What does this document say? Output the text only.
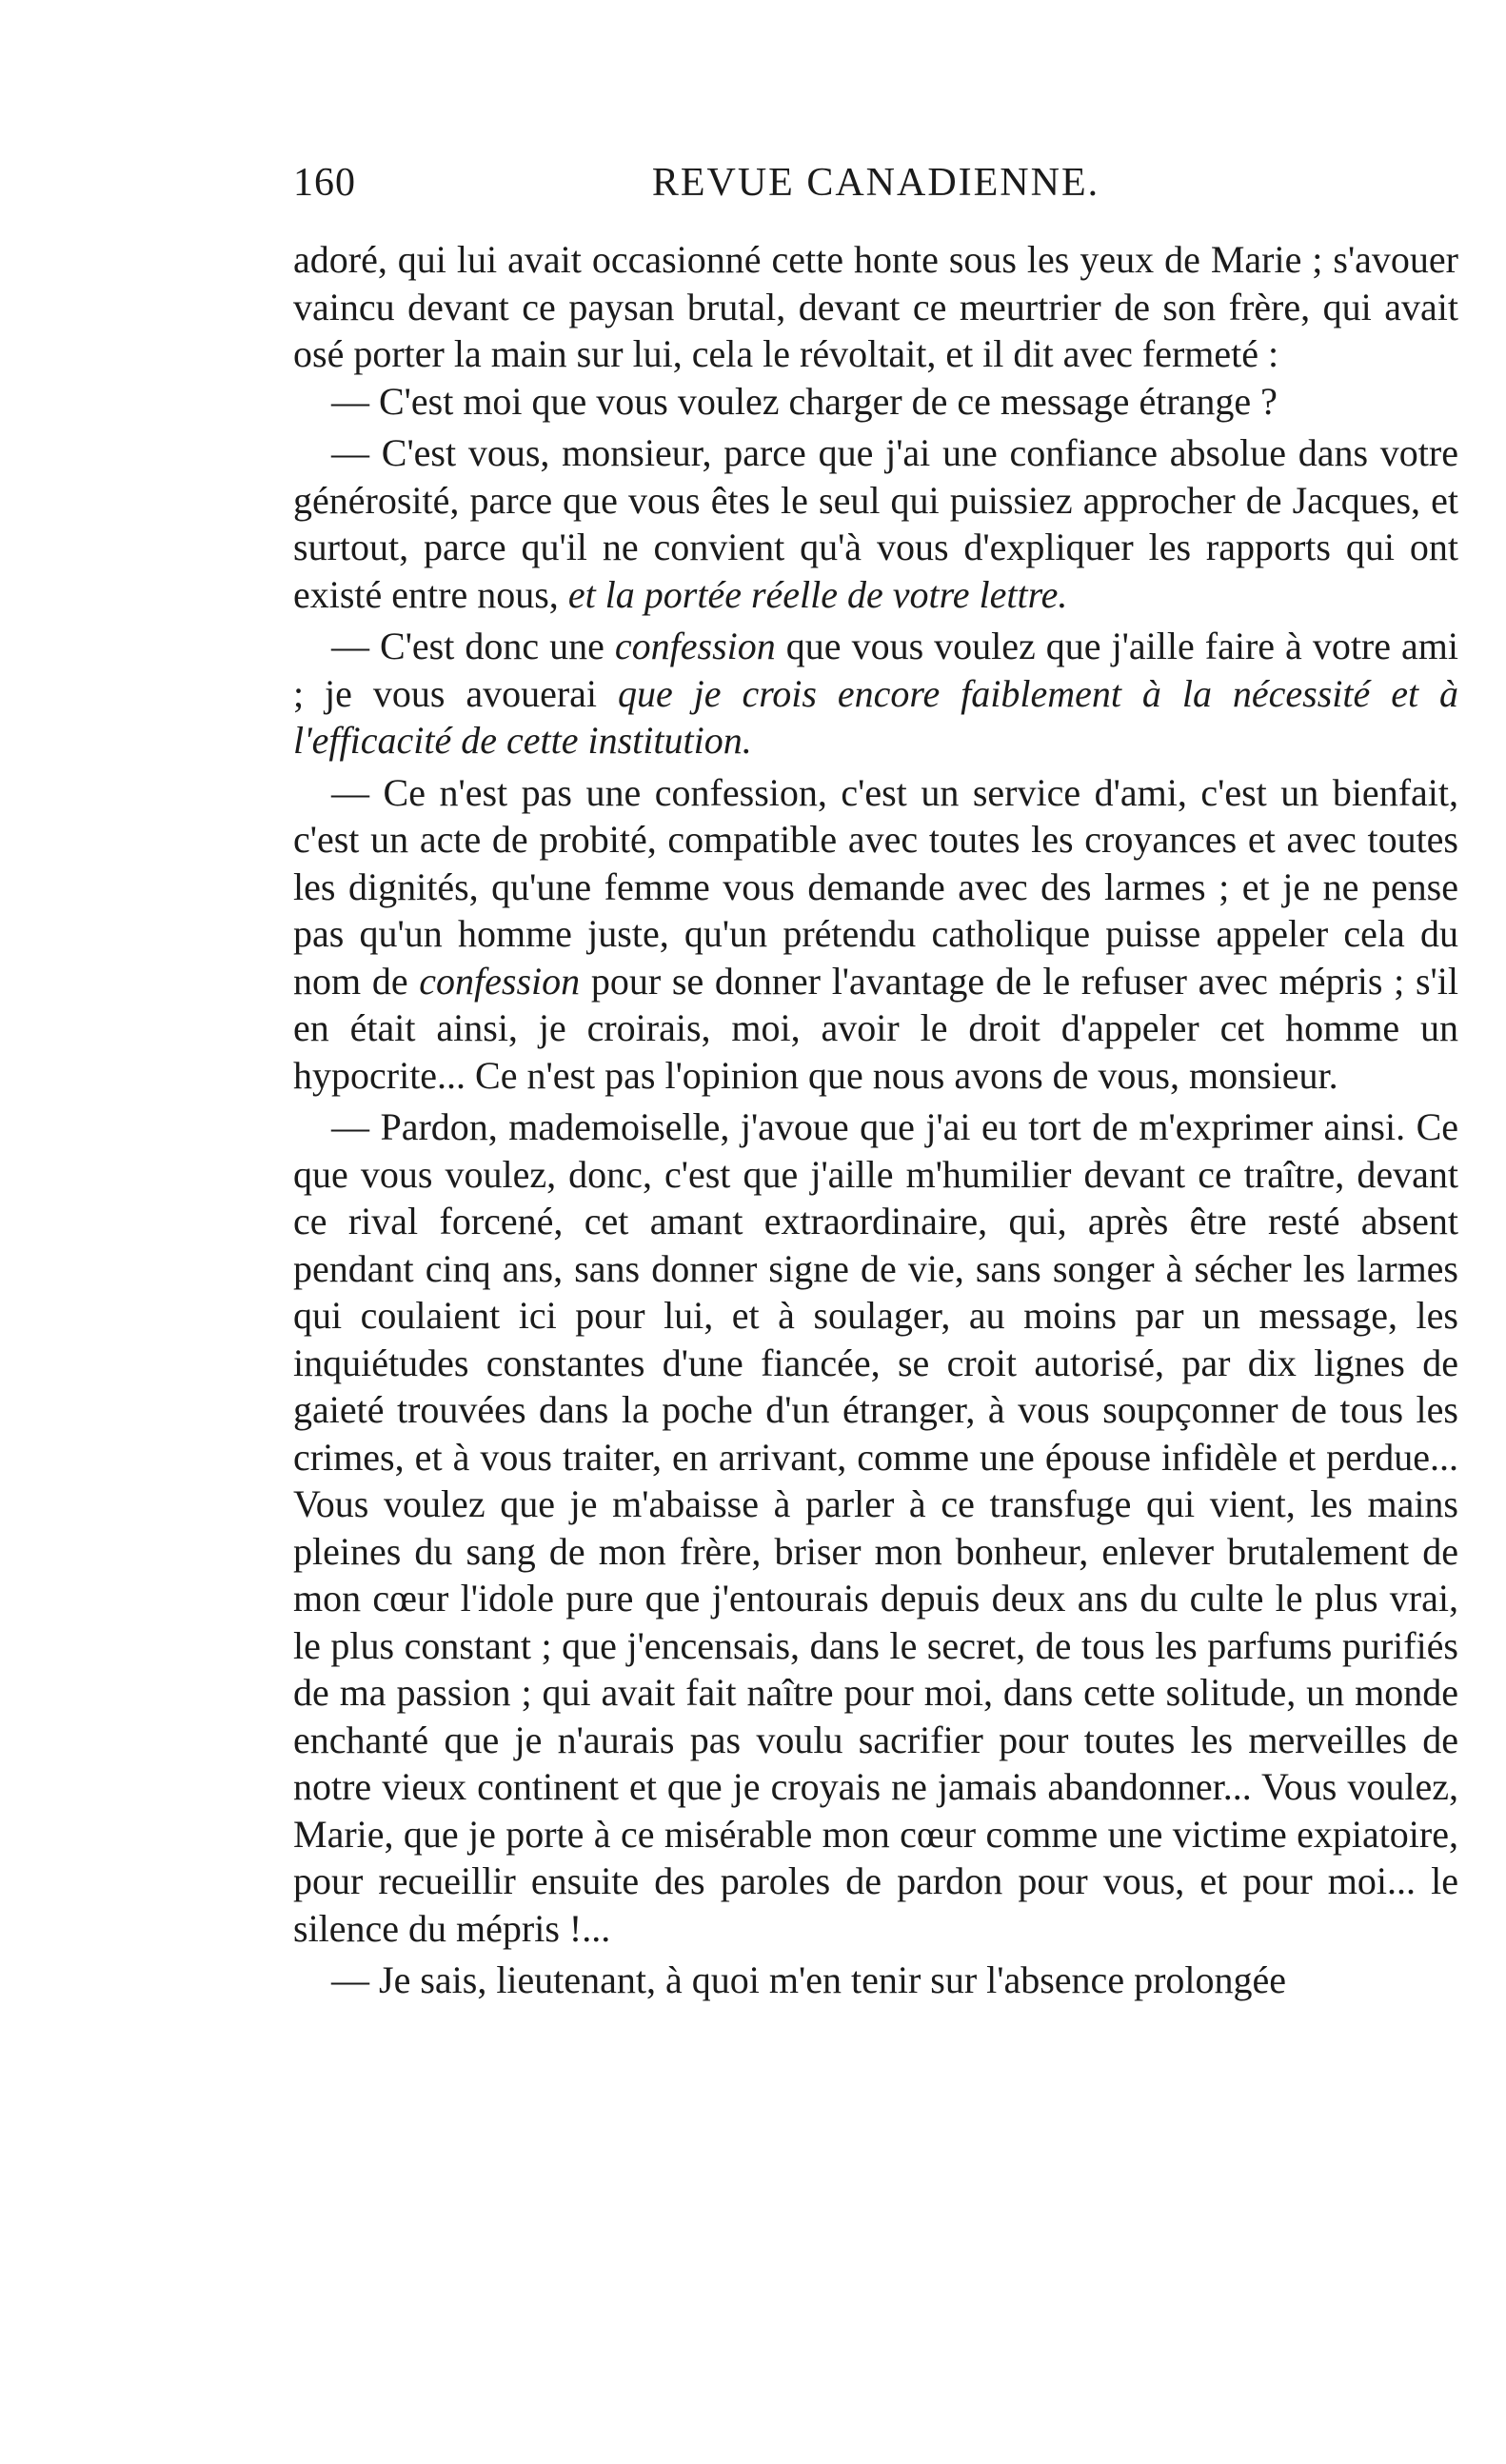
160	REVUE CANADIENNE.

adoré, qui lui avait occasionné cette honte sous les yeux de Marie ; s'avouer vaincu devant ce paysan brutal, devant ce meurtrier de son frère, qui avait osé porter la main sur lui, cela le révoltait, et il dit avec fermeté :

— C'est moi que vous voulez charger de ce message étrange ?

— C'est vous, monsieur, parce que j'ai une confiance absolue dans votre générosité, parce que vous êtes le seul qui puissiez approcher de Jacques, et surtout, parce qu'il ne convient qu'à vous d'expliquer les rapports qui ont existé entre nous, et la portée réelle de votre lettre.

— C'est donc une confession que vous voulez que j'aille faire à votre ami ; je vous avouerai que je crois encore faiblement à la nécessité et à l'efficacité de cette institution.

— Ce n'est pas une confession, c'est un service d'ami, c'est un bienfait, c'est un acte de probité, compatible avec toutes les croyances et avec toutes les dignités, qu'une femme vous demande avec des larmes ; et je ne pense pas qu'un homme juste, qu'un prétendu catholique puisse appeler cela du nom de confession pour se donner l'avantage de le refuser avec mépris ; s'il en était ainsi, je croirais, moi, avoir le droit d'appeler cet homme un hypocrite... Ce n'est pas l'opinion que nous avons de vous, monsieur.

— Pardon, mademoiselle, j'avoue que j'ai eu tort de m'exprimer ainsi. Ce que vous voulez, donc, c'est que j'aille m'humilier devant ce traître, devant ce rival forcené, cet amant extraordinaire, qui, après être resté absent pendant cinq ans, sans donner signe de vie, sans songer à sécher les larmes qui coulaient ici pour lui, et à soulager, au moins par un message, les inquiétudes constantes d'une fiancée, se croit autorisé, par dix lignes de gaieté trouvées dans la poche d'un étranger, à vous soupçonner de tous les crimes, et à vous traiter, en arrivant, comme une épouse infidèle et perdue... Vous voulez que je m'abaisse à parler à ce transfuge qui vient, les mains pleines du sang de mon frère, briser mon bonheur, enlever brutalement de mon cœur l'idole pure que j'entourais depuis deux ans du culte le plus vrai, le plus constant ; que j'encensais, dans le secret, de tous les parfums purifiés de ma passion ; qui avait fait naître pour moi, dans cette solitude, un monde enchanté que je n'aurais pas voulu sacrifier pour toutes les merveilles de notre vieux continent et que je croyais ne jamais abandonner... Vous voulez, Marie, que je porte à ce misérable mon cœur comme une victime expiatoire, pour recueillir ensuite des paroles de pardon pour vous, et pour moi... le silence du mépris !...

— Je sais, lieutenant, à quoi m'en tenir sur l'absence prolongée
